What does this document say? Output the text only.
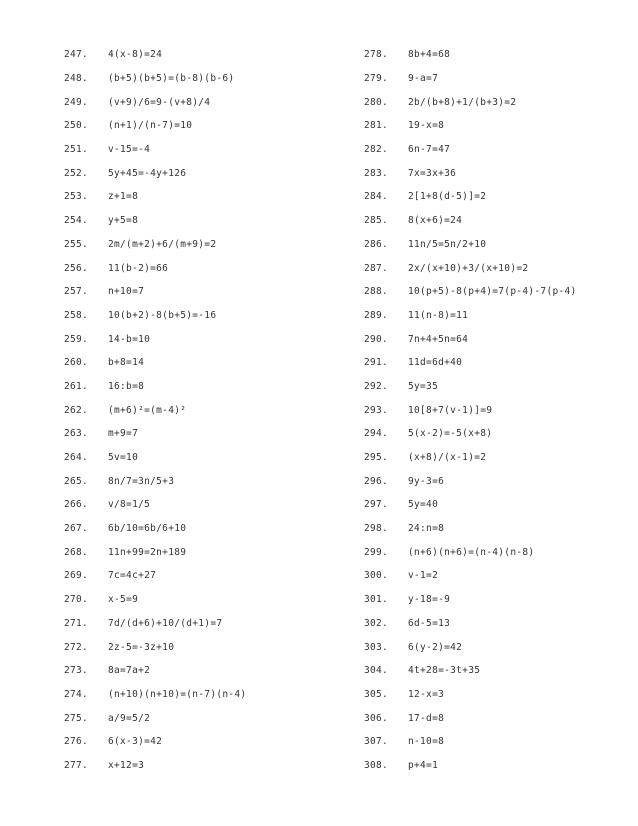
247.	4(x-8)=24
248.	(b+5)(b+5)=(b-8)(b-6)
249.	(v+9)/6=9-(v+8)/4
250.	(n+1)/(n-7)=10
251.	v-15=-4
252.	5y+45=-4y+126
253.	z+1=8
254.	y+5=8
255.	2m/(m+2)+6/(m+9)=2
256.	11(b-2)=66
257.	n+10=7
258.	10(b+2)-8(b+5)=-16
259.	14-b=10
260.	b+8=14
261.	16:b=8
262.	(m+6)²=(m-4)²
263.	m+9=7
264.	5v=10
265.	8n/7=3n/5+3
266.	v/8=1/5
267.	6b/10=6b/6+10
268.	11n+99=2n+189
269.	7c=4c+27
270.	x-5=9
271.	7d/(d+6)+10/(d+1)=7
272.	2z-5=-3z+10
273.	8a=7a+2
274.	(n+10)(n+10)=(n-7)(n-4)
275.	a/9=5/2
276.	6(x-3)=42
277.	x+12=3
278.	8b+4=68
279.	9-a=7
280.	2b/(b+8)+1/(b+3)=2
281.	19-x=8
282.	6n-7=47
283.	7x=3x+36
284.	2[1+8(d-5)]=2
285.	8(x+6)=24
286.	11n/5=5n/2+10
287.	2x/(x+10)+3/(x+10)=2
288.	10(p+5)-8(p+4)=7(p-4)-7(p-4)
289.	11(n-8)=11
290.	7n+4+5n=64
291.	11d=6d+40
292.	5y=35
293.	10[8+7(v-1)]=9
294.	5(x-2)=-5(x+8)
295.	(x+8)/(x-1)=2
296.	9y-3=6
297.	5y=40
298.	24:n=8
299.	(n+6)(n+6)=(n-4)(n-8)
300.	v-1=2
301.	y-18=-9
302.	6d-5=13
303.	6(y-2)=42
304.	4t+28=-3t+35
305.	12-x=3
306.	17-d=8
307.	n-10=8
308.	p+4=1
